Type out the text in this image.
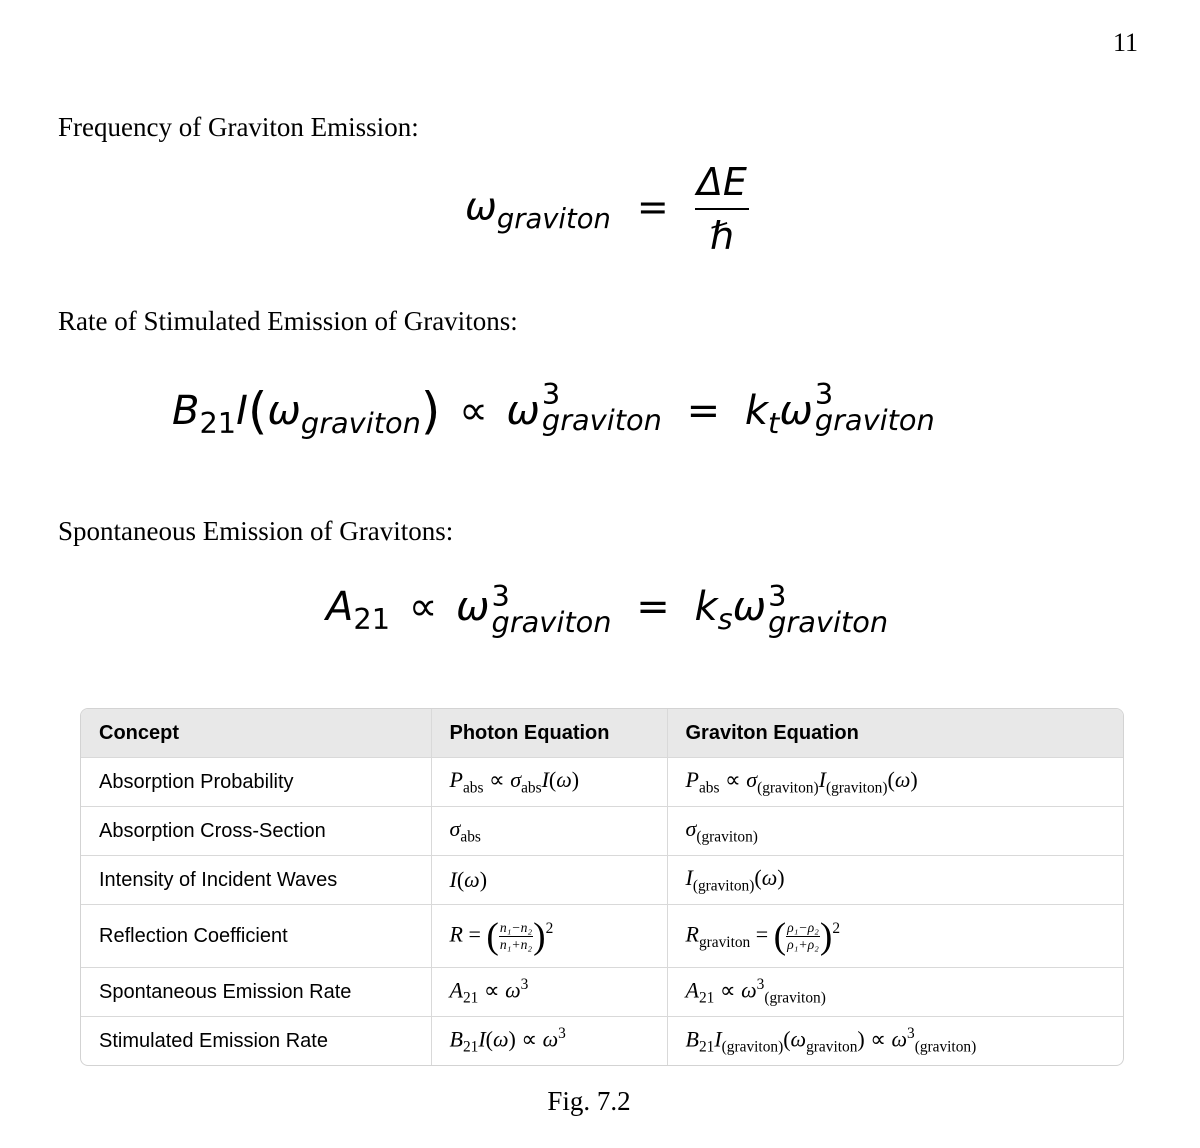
11
Frequency of Graviton Emission:
$\omega_{graviton} = \frac{\Delta E}{\text{ℏ}}$
Rate of Stimulated Emission of Gravitons:
$B_{21}I(\omega_{graviton}) \propto \omega$ 3
graviton = $k_t\omega$ 3
graviton
Spontaneous Emission of Gravitons:
$A_{21} \propto \omega$ 3
graviton = $k_s\omega$ 3
graviton
Concept	Photon Equation	Graviton Equation
Absorption Probability	$P_{abs} \propto \sigma_{abs}I(\omega)$	$P_{abs} \propto \sigma_{(graviton)}I_{(graviton)}(\omega)$
Absorption Cross-Section	$\sigma_{abs}$	$\sigma_{(graviton)}$
Intensity of Incident Waves	I(ω)	$I_{(graviton)}(\omega)$
Reflection Coefficient	R = ( $\frac{\text{n₁−n₂}}{\text{n₁+n₂}} )^2$	$R_{graviton}$ = ( $\frac{\text{ρ₁−ρ₂}}{\text{ρ₁+ρ₂}} )^2$
Spontaneous Emission Rate	$A_{21} \propto \omega^3$	$A_{21} \propto \omega^3_{(graviton)}$
Stimulated Emission Rate	$B_{21}I(\omega) \propto \omega^3$	$B_{21}I_{(graviton)}(\omega_{graviton}) \propto \omega^3_{(graviton)}$
Fig. 7.2
